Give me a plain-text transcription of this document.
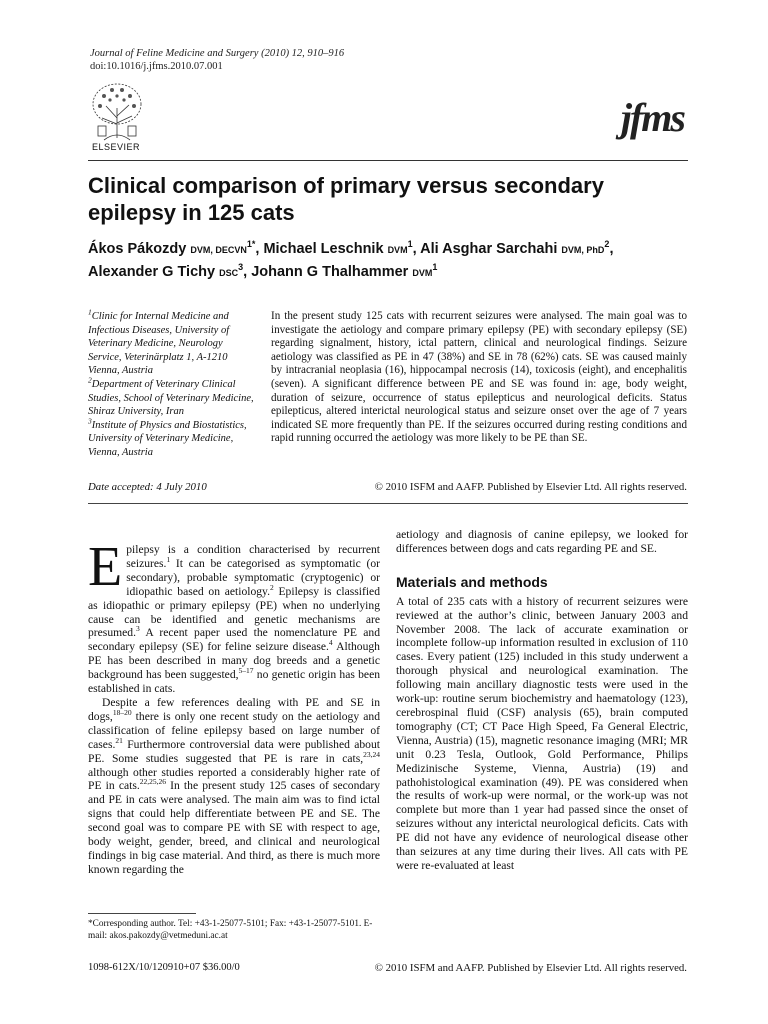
Journal of Feline Medicine and Surgery (2010) 12, 910–916
doi:10.1016/j.jfms.2010.07.001
ELSEVIER
jfms
Clinical comparison of primary versus secondary epilepsy in 125 cats
Ákos Pákozdy DVM, $DECVN^{1*}$, Michael Leschnik DVM$^1$, Ali Asghar Sarchahi DVM, PhD$^2$,
Alexander G Tichy DSC$^3$, Johann G Thalhammer DVM$^1$

$^1$Clinic for Internal Medicine and Infectious Diseases, University of Veterinary Medicine, Neurology Service, Veterinärplatz 1, A-1210 Vienna, Austria

$^2$Department of Veterinary Clinical Studies, School of Veterinary Medicine, Shiraz University, Iran

$^3$Institute of Physics and Biostatistics, University of Veterinary Medicine, Vienna, Austria

In the present study 125 cats with recurrent seizures were analysed. The main goal was to investigate the aetiology and compare primary epilepsy (PE) with secondary epilepsy (SE) regarding signalment, history, ictal pattern, clinical and neurological findings. Seizure aetiology was classified as PE in 47 (38%) and SE in 78 (62%) cats. SE was caused mainly by intracranial neoplasia (16), hippocampal necrosis (14), toxicosis (eight), and encephalitis (seven). A significant difference between PE and SE was found in: age, body weight, duration of seizure, occurrence of status epilepticus and neurological deficits. Status epilepticus, altered interictal neurological status and seizure onset over the age of 7 years indicated SE more frequently than PE. If the seizures occurred during resting conditions and rapid running occurred the aetiology was more likely to be PE than SE.
Date accepted: 4 July 2010	© 2010 ISFM and AAFP. Published by Elsevier Ltd. All rights reserved.

Epilepsy is a condition characterised by recurrent seizures.$^1$ It can be categorised as symptomatic (or secondary), probable symptomatic (cryptogenic) or idiopathic based on aetiology.$^2$ Epilepsy is classified as idiopathic or primary epilepsy (PE) when no underlying cause can be identified and genetic mechanisms are presumed.$^3$ A recent paper used the nomenclature PE and secondary epilepsy (SE) for feline seizure disease.$^4$ Although PE has been described in many dog breeds and a genetic background has been suggested,$^{5-17}$ no genetic origin has been established in cats.

Despite a few references dealing with PE and SE in dogs,$^{18-20}$ there is only one recent study on the aetiology and classification of feline epilepsy based on large number of cases.$^{21}$ Furthermore controversial data were published about PE. Some studies suggested that PE is rare in cats,$^{23,24}$ although other studies reported a considerably higher rate of PE in cats.$^{22,25,26}$ In the present study 125 cases of secondary and PE in cats were analysed. The main aim was to find ictal signs that could help differentiate between PE and SE. The second goal was to compare PE with SE with respect to age, body weight, gender, breed, and clinical and neurological findings in big case material. And third, as there is much more known regarding the

aetiology and diagnosis of canine epilepsy, we looked for differences between dogs and cats regarding PE and SE.

Materials and methods

A total of 235 cats with a history of recurrent seizures were reviewed at the author’s clinic, between January 2003 and November 2008. The lack of accurate examination or incomplete follow-up information resulted in exclusion of 110 cases. Every patient (125) included in this study underwent a thorough physical and neurological examination. The following main ancillary diagnostic tests were used in the work-up: routine serum biochemistry and haematology (123), cerebrospinal fluid (CSF) analysis (65), brain computed tomography (CT; CT Pace High Speed, Fa General Electric, Vienna, Austria) (15), magnetic resonance imaging (MRI; MR unit 0.23 Tesla, Outlook, Gold Performance, Philips Medizinische Systeme, Vienna, Austria) (19) and pathohistological examination (49). PE was considered when the results of work-up were normal, or the work-up was not complete but more than 1 year had passed since the onset of seizures without any interictal neurological deficits. Cats with PE did not have any evidence of neurological disease other than seizures at any time during their lives. All cats with PE were re-evaluated at least

*Corresponding author. Tel: +43-1-25077-5101; Fax: +43-1-25077-5101. E-mail: akos.pakozdy@vetmeduni.ac.at
1098-612X/10/120910+07 $36.00/0	© 2010 ISFM and AAFP. Published by Elsevier Ltd. All rights reserved.
